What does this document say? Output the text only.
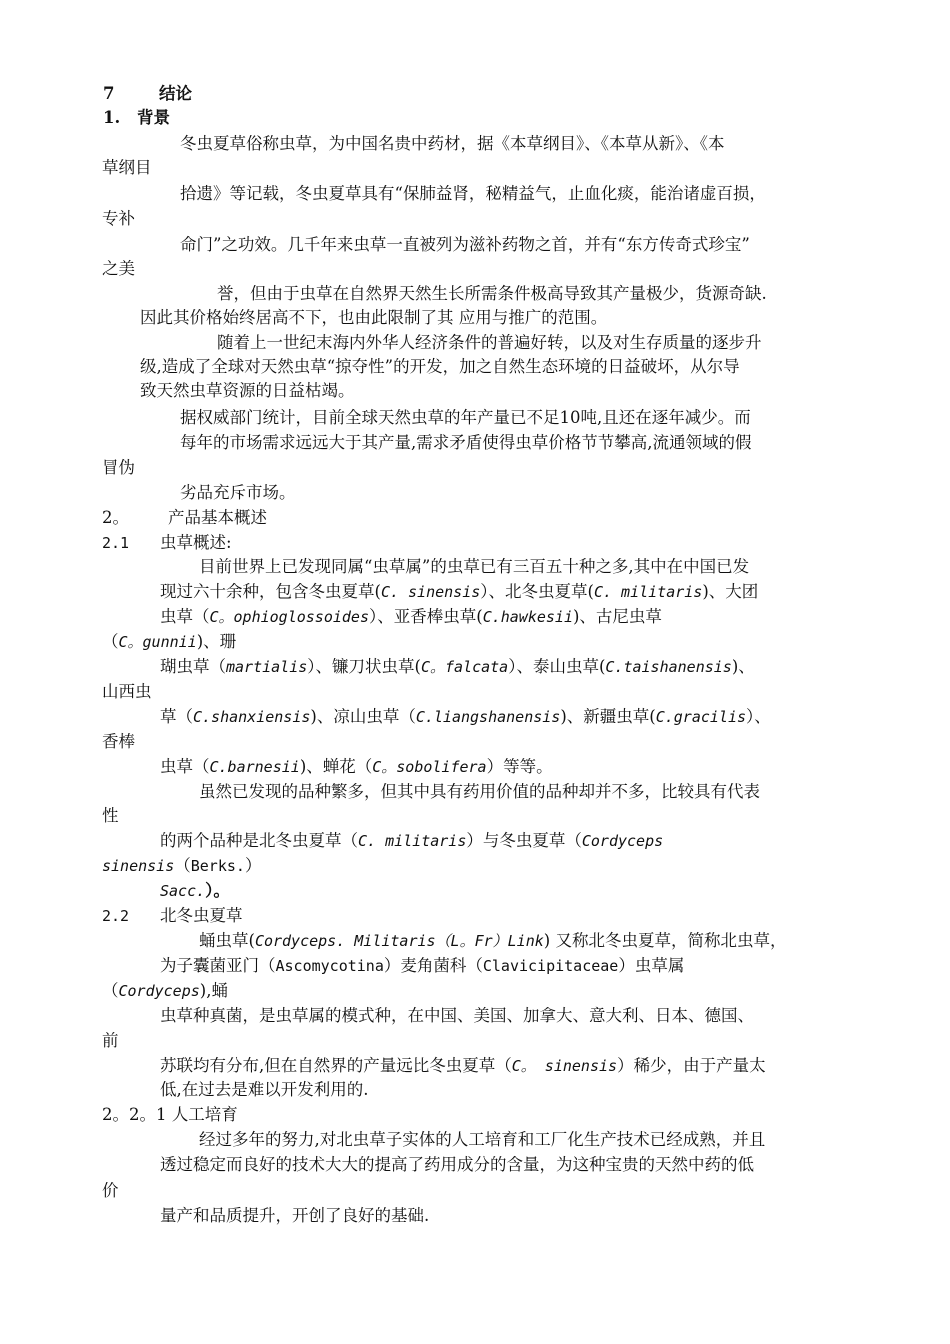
7	结论
1. 背景
冬虫夏草俗称虫草，为中国名贵中药材，据《本草纲目》、《本草从新》、《本
草纲目
拾遗》等记载，冬虫夏草具有“保肺益肾，秘精益气，止血化痰，能治诸虚百损，
专补
命门”之功效。几千年来虫草一直被列为滋补药物之首，并有“东方传奇式珍宝”
之美
誉，但由于虫草在自然界天然生长所需条件极高导致其产量极少，货源奇缺.
因此其价格始终居高不下，也由此限制了其 应用与推广的范围。
随着上一世纪末海内外华人经济条件的普遍好转，以及对生存质量的逐步升
级,造成了全球对天然虫草“掠夺性”的开发，加之自然生态环境的日益破坏，从尔导
致天然虫草资源的日益枯竭。
据权威部门统计，目前全球天然虫草的年产量已不足10吨,且还在逐年减少。而
每年的市场需求远远大于其产量,需求矛盾使得虫草价格节节攀高,流通领域的假
冒伪
劣品充斥市场。
2。 产品基本概述
2.1 虫草概述:
目前世界上已发现同属“虫草属”的虫草已有三百五十种之多,其中在中国已发
现过六十余种，包含冬虫夏草(C. sinensis）、北冬虫夏草(C. militaris)、大团
虫草（C。ophioglossoides）、亚香棒虫草(C.hawkesii)、古尼虫草
（C。gunnii)、珊
瑚虫草（martialis）、镰刀状虫草(C。falcata）、泰山虫草(C.taishanensis)、
山西虫
草（C.shanxiensis)、凉山虫草（C.liangshanensis)、新疆虫草(C.gracilis）、
香棒
虫草（C.barnesii)、蝉花（C。sobolifera）等等。
虽然已发现的品种繁多，但其中具有药用价值的品种却并不多，比较具有代表
性
的两个品种是北冬虫夏草（C. militaris）与冬虫夏草（Cordyceps
sinensis（Berks.）
Sacc.）。
2.2 北冬虫夏草
蛹虫草(Cordyceps. Militaris（L。Fr）Link) 又称北冬虫夏草，简称北虫草，
为子囊菌亚门（Ascomycotina）麦角菌科（Clavicipitaceae）虫草属
（Cordyceps),蛹
虫草种真菌，是虫草属的模式种，在中国、美国、加拿大、意大利、日本、德国、
前
苏联均有分布,但在自然界的产量远比冬虫夏草（C。 sinensis）稀少，由于产量太
低,在过去是难以开发利用的.
2。2。1 人工培育
经过多年的努力,对北虫草子实体的人工培育和工厂化生产技术已经成熟，并且
透过稳定而良好的技术大大的提高了药用成分的含量，为这种宝贵的天然中药的低
价
量产和品质提升，开创了良好的基础.
